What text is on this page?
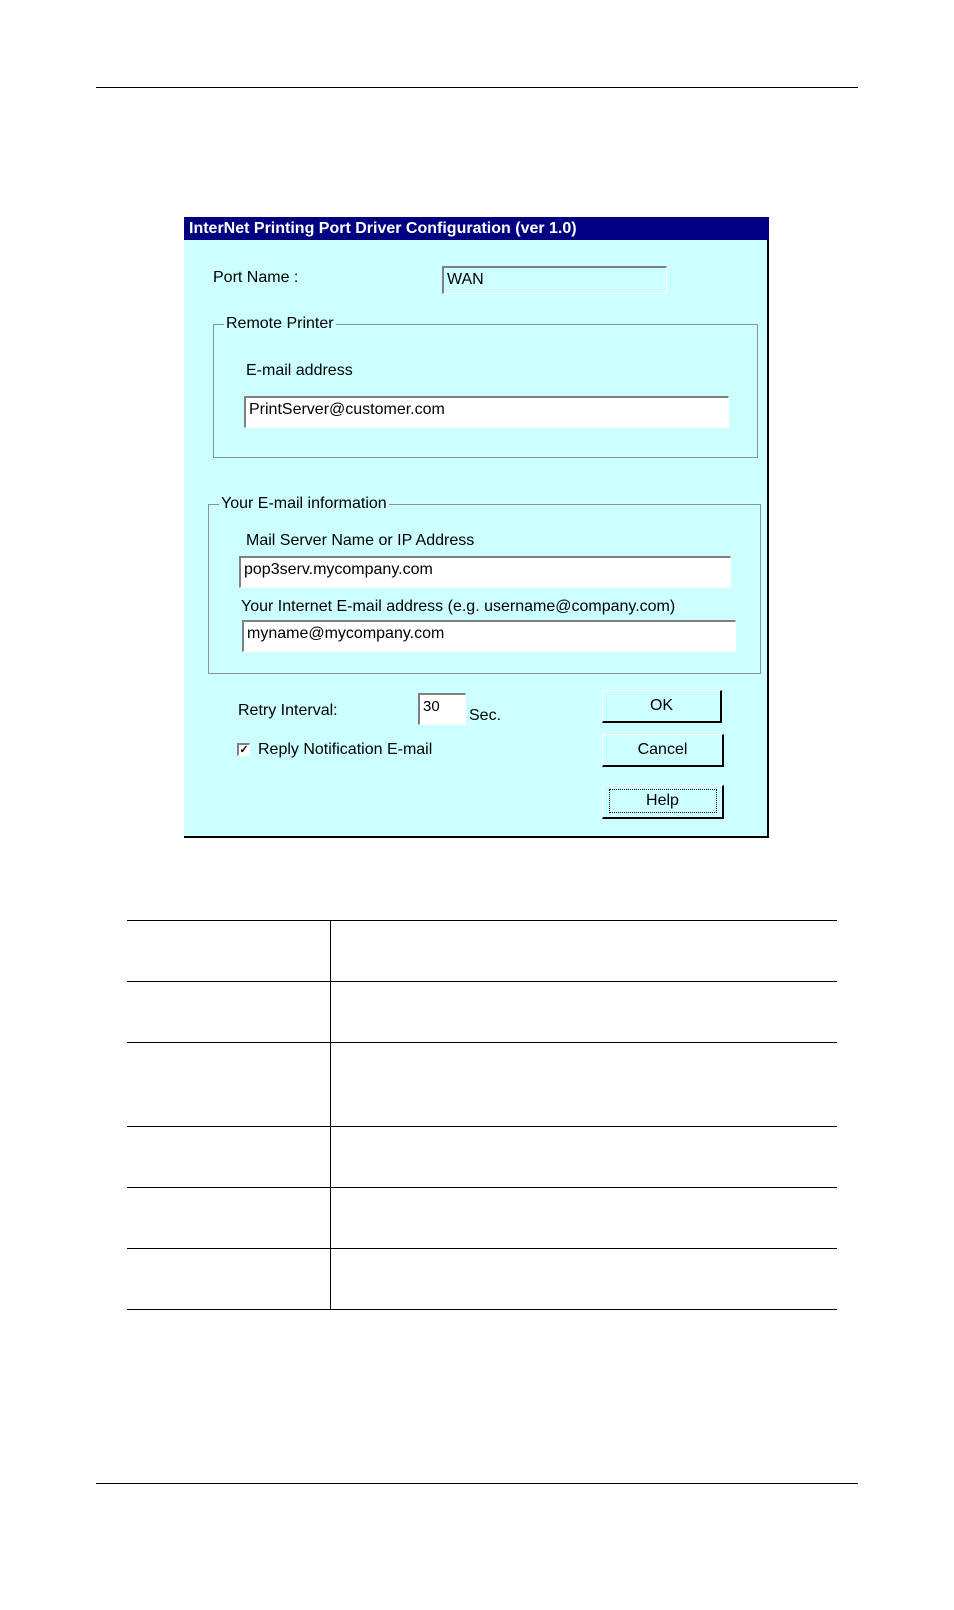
InterNet Printing Port Driver Configuration (ver 1.0)
Port Name :	WAN
Remote Printer
E-mail address
PrintServer@customer.com
Your E-mail information
Mail Server Name or IP Address
pop3serv.mycompany.com
Your Internet E-mail address (e.g. username@company.com)
myname@mycompany.com
Retry Interval:	30
Sec.
✓ Reply Notification E-mail
OK
Cancel
Help
